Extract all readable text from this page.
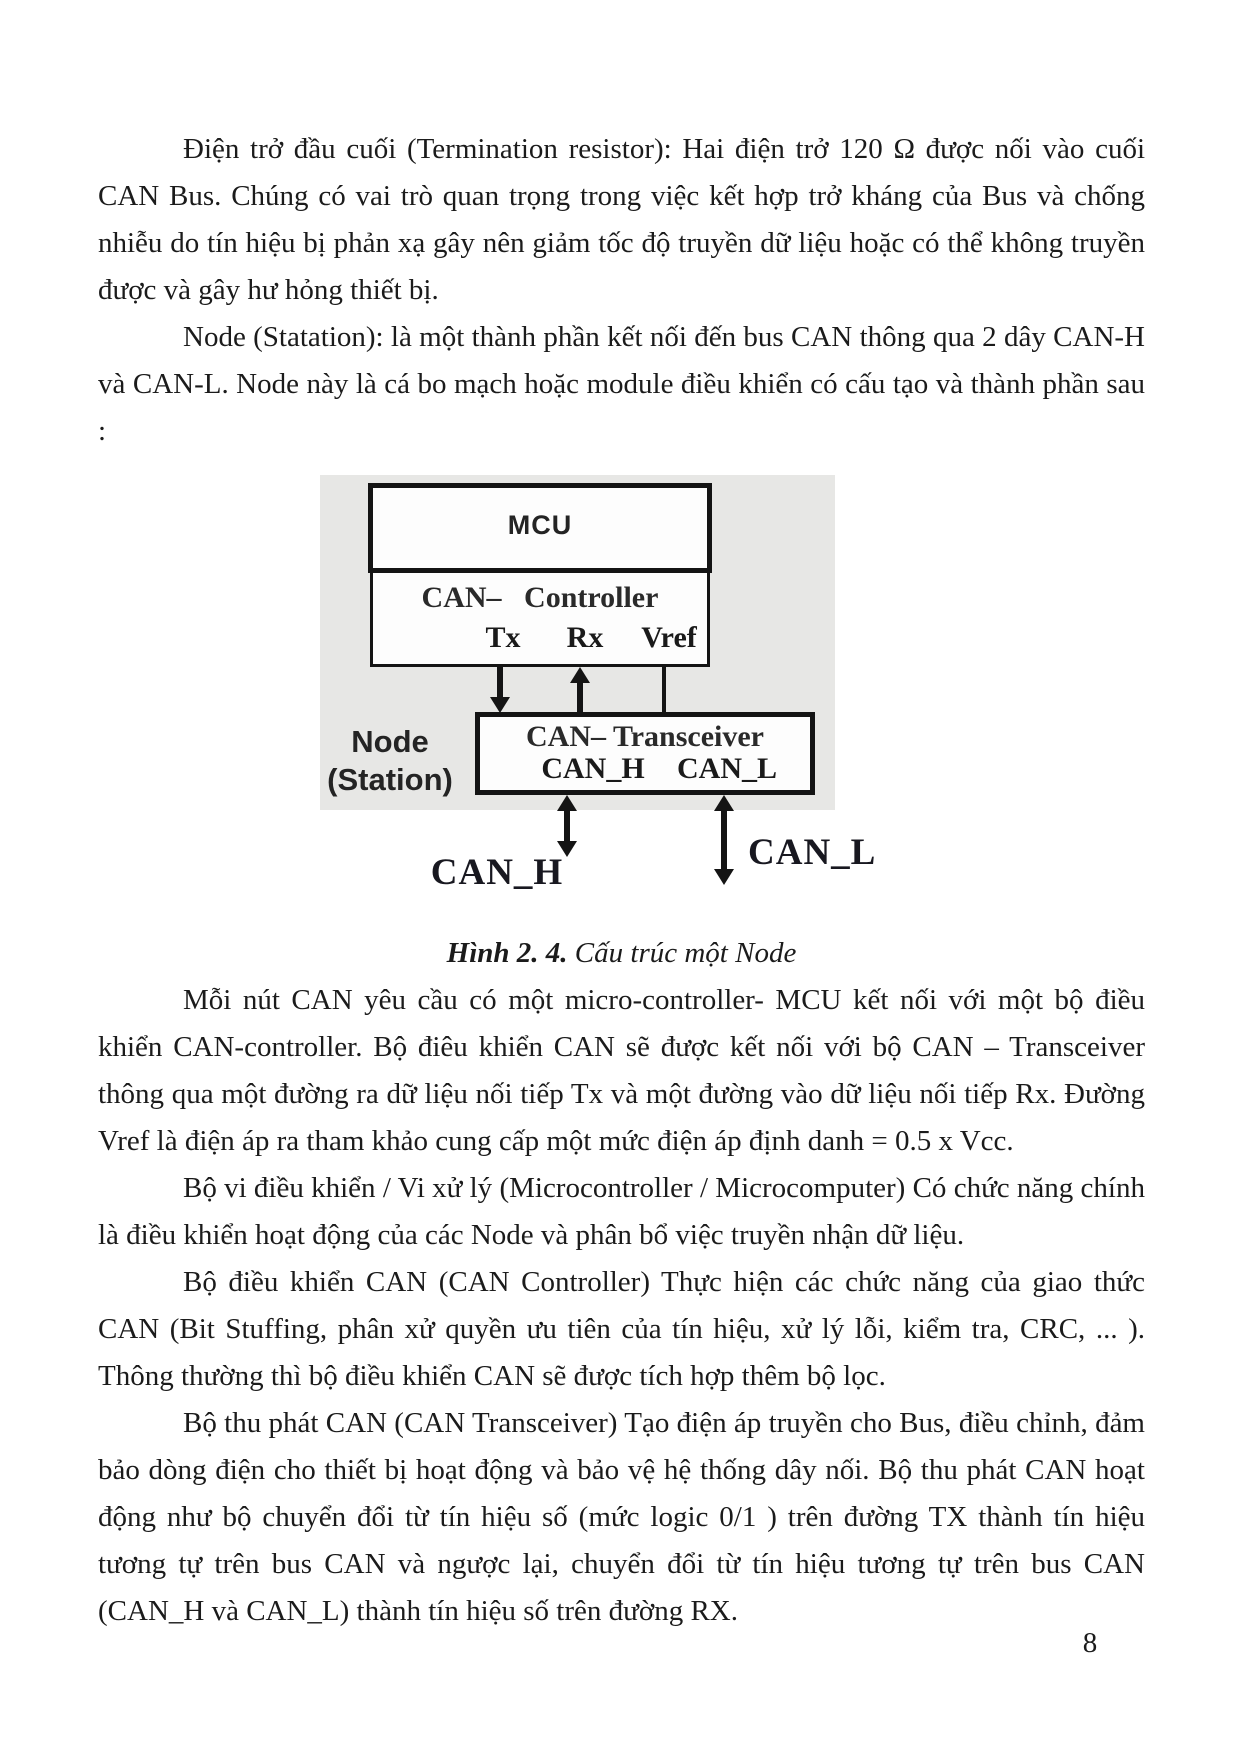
Điện trở đầu cuối (Termination resistor): Hai điện trở 120 Ω được nối vào cuối CAN Bus. Chúng có vai trò quan trọng trong việc kết hợp trở kháng của Bus và chống nhiễu do tín hiệu bị phản xạ gây nên giảm tốc độ truyền dữ liệu hoặc có thể không truyền được và gây hư hỏng thiết bị.

Node (Statation): là một thành phần kết nối đến bus CAN thông qua 2 dây CAN-H và CAN-L. Node này là cá bo mạch hoặc module điều khiển có cấu tạo và thành phần sau :

MCU
CAN–   Controller
Tx Rx Vref
CAN– Transceiver
CAN_H CAN_L
Node
(Station)
CAN_H	CAN_L

Hình 2. 4. Cấu trúc một Node

Mỗi nút CAN yêu cầu có một micro-controller- MCU kết nối với một bộ điều khiển CAN-controller. Bộ điêu khiển CAN sẽ được kết nối với bộ CAN – Transceiver thông qua một đường ra dữ liệu nối tiếp Tx và một đường vào dữ liệu nối tiếp Rx. Đường Vref là điện áp ra tham khảo cung cấp một mức điện áp định danh = 0.5 x Vcc.

Bộ vi điều khiển / Vi xử lý (Microcontroller / Microcomputer) Có chức năng chính là điều khiển hoạt động của các Node và phân bổ việc truyền nhận dữ liệu.

Bộ điều khiển CAN (CAN Controller) Thực hiện các chức năng của giao thức CAN (Bit Stuffing, phân xử quyền ưu tiên của tín hiệu, xử lý lỗi, kiểm tra, CRC, ... ). Thông thường thì bộ điều khiển CAN sẽ được tích hợp thêm bộ lọc.

Bộ thu phát CAN (CAN Transceiver) Tạo điện áp truyền cho Bus, điều chỉnh, đảm bảo dòng điện cho thiết bị hoạt động và bảo vệ hệ thống dây nối. Bộ thu phát CAN hoạt động như bộ chuyển đổi từ tín hiệu số (mức logic 0/1 ) trên đường TX thành tín hiệu tương tự trên bus CAN và ngược lại, chuyển đổi từ tín hiệu tương tự trên bus CAN (CAN_H và CAN_L) thành tín hiệu số trên đường RX.

8
